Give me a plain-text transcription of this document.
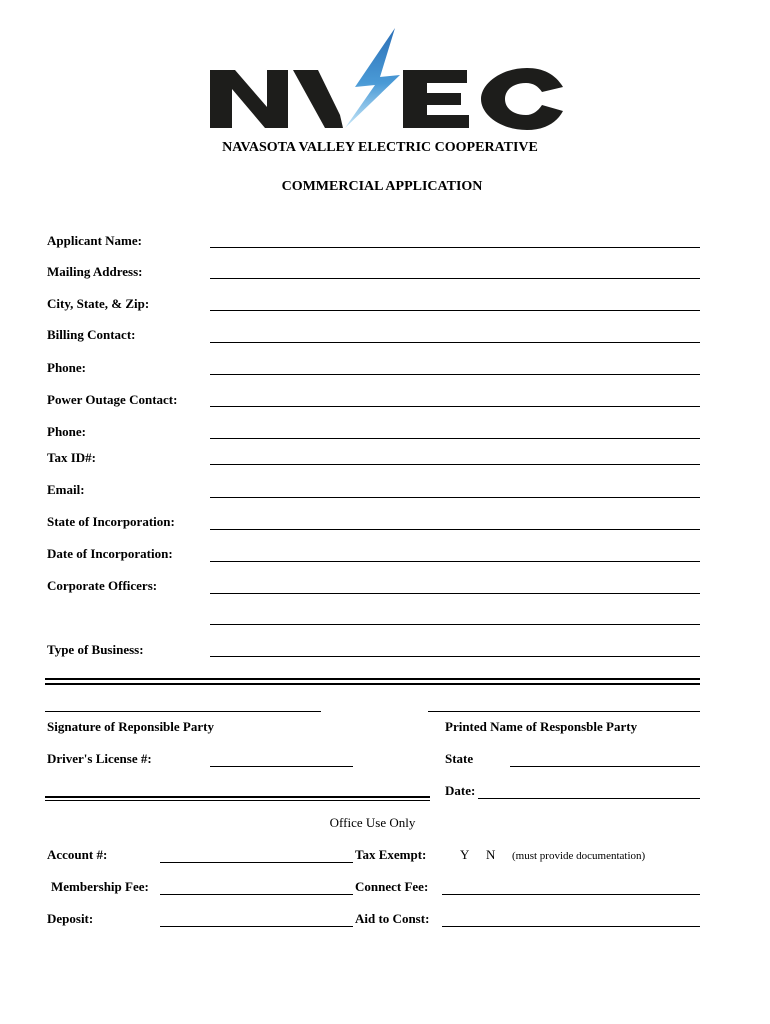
NAVASOTA VALLEY ELECTRIC COOPERATIVE
COMMERCIAL APPLICATION
Applicant Name:
Mailing Address:
City, State, & Zip:
Billing Contact:
Phone:
Power Outage Contact:
Phone:
Tax ID#:
Email:
State of Incorporation:
Date of Incorporation:
Corporate Officers:
Type of Business:
Signature of Reponsible Party	Printed Name of Responsble Party
Driver's License #:	State
Date:
Office Use Only
Account #:	Tax Exempt:	Y N (must provide documentation)
Membership Fee:	Connect Fee:
Deposit:	Aid to Const:
